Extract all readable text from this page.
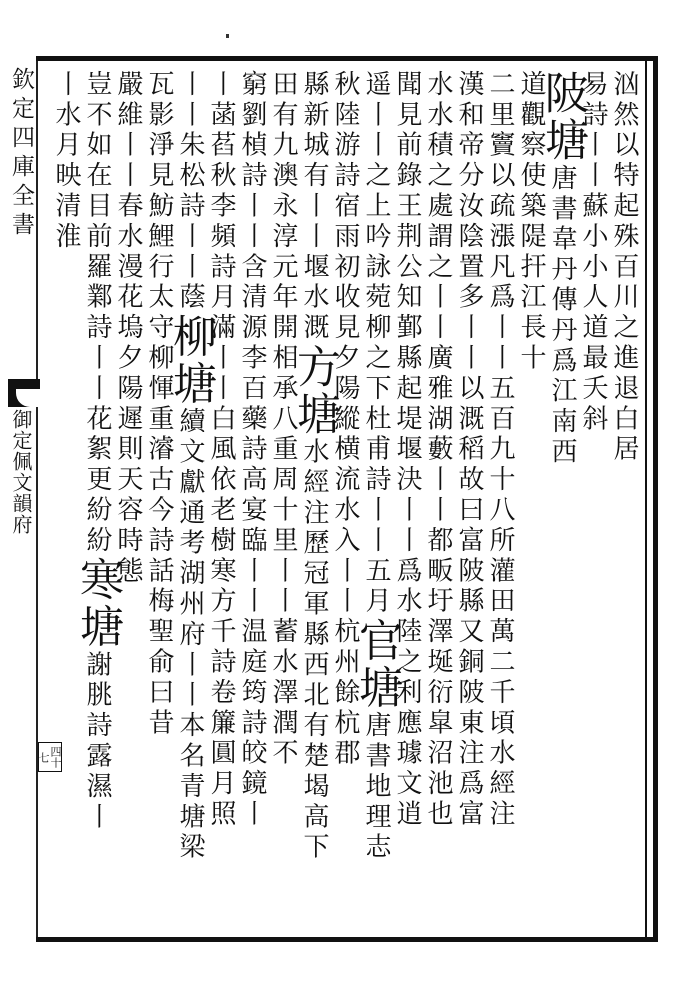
欽定四庫全書
御定佩文韻府
四十七
汹然以特起殊百川之進退白居
易詩丨丨蘇小小人道最夭斜
陂塘唐書韋丹傳丹爲江南西
道觀察使築隄扞江長十
二里竇以疏漲凡爲丨丨五百九十八所灌田萬二千頃水經注
漢和帝分汝陰置多丨丨以溉稻故曰富陂縣又銅陂東注爲富
水水積之處謂之丨丨廣雅湖藪丨丨都畈圩澤埏衍皐沼池也
聞見前錄王荆公知鄞縣起堤堰決丨丨爲水陸之利應璩文逍
遥丨丨之上吟詠菀柳之下杜甫詩丨丨五月官塘唐書地理志
秋陸游詩宿雨初收見夕陽縱横流水入丨丨杭州餘杭郡
縣新城有丨丨堰水溉方塘水經注歷冠軍縣西北有楚堨高下
田有九澳永淳元年開相承八重周十里丨丨蓄水澤潤不
窮劉楨詩丨丨含清源李百藥詩高宴臨丨丨温庭筠詩皎鏡丨
丨菡萏秋李頻詩月滿丨丨白風依老樹寒方千詩卷簾圓月照
丨丨朱松詩丨丨蔭柳塘續文獻通考湖州府丨丨本名青塘梁
瓦影淨見魴鯉行太守柳惲重濬古今詩話梅聖俞曰昔
嚴維丨丨春水漫花塢夕陽遲則天容時態
豈不如在目前羅鄴詩丨丨花絮更紛紛寒塘謝朓詩露濕丨
丨水月映清淮
